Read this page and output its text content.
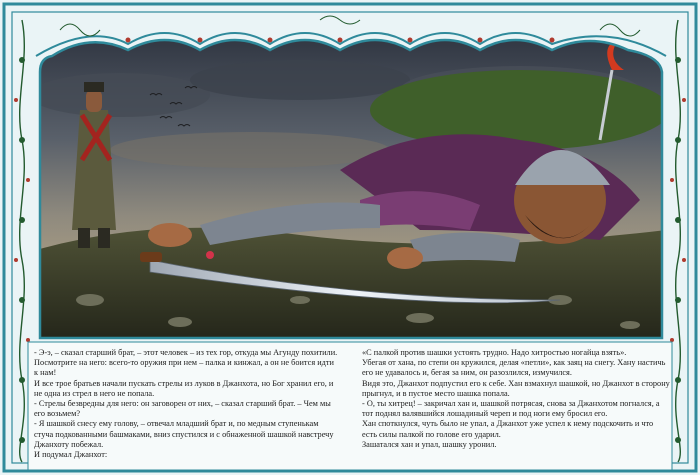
- Э-э, – сказал старший брат, – этот человек – из тех гор, откуда мы Агунду похитили. Посмотрите на него: всего-то оружия при нем – палка и кинжал, а он не боится идти к нам!

И все трое братьев начали пускать стрелы из луков в Джанхота, но Бог хранил его, и не одна из стрел в него не попала.

- Стрелы безвредны для него: он заговорен от них, – сказал старший брат. – Чем мы его возьмем?

- Я шашкой снесу ему голову, – отвечал младший брат и, по медным ступенькам стуча подкованными башмаками, вниз спустился и с обнаженной шашкой навстречу Джанхоту побежал.

И подумал Джанхот:

«С палкой против шашки устоять трудно. Надо хитростью ногайца взять».

Убегая от хана, по степи он кружился, делая «петли», как заяц на снегу. Хану настичь его не удавалось и, бегая за ним, он разозлился, измучился.

Видя это, Джанхот подпустил его к себе. Хан взмахнул шашкой, но Джанхот в сторону прыгнул, и в пустое место шашка попала.

- О, ты хитрец! – закричал хан и, шашкой потрясая, снова за Джанхотом погнался, а тот поднял валявшийся лошадиный череп и под ноги ему бросил его.

Хан споткнулся, чуть было не упал, а Джанхот уже успел к нему подскочить и что есть силы палкой по голове его ударил.

Зашатался хан и упал, шашку уронил.
